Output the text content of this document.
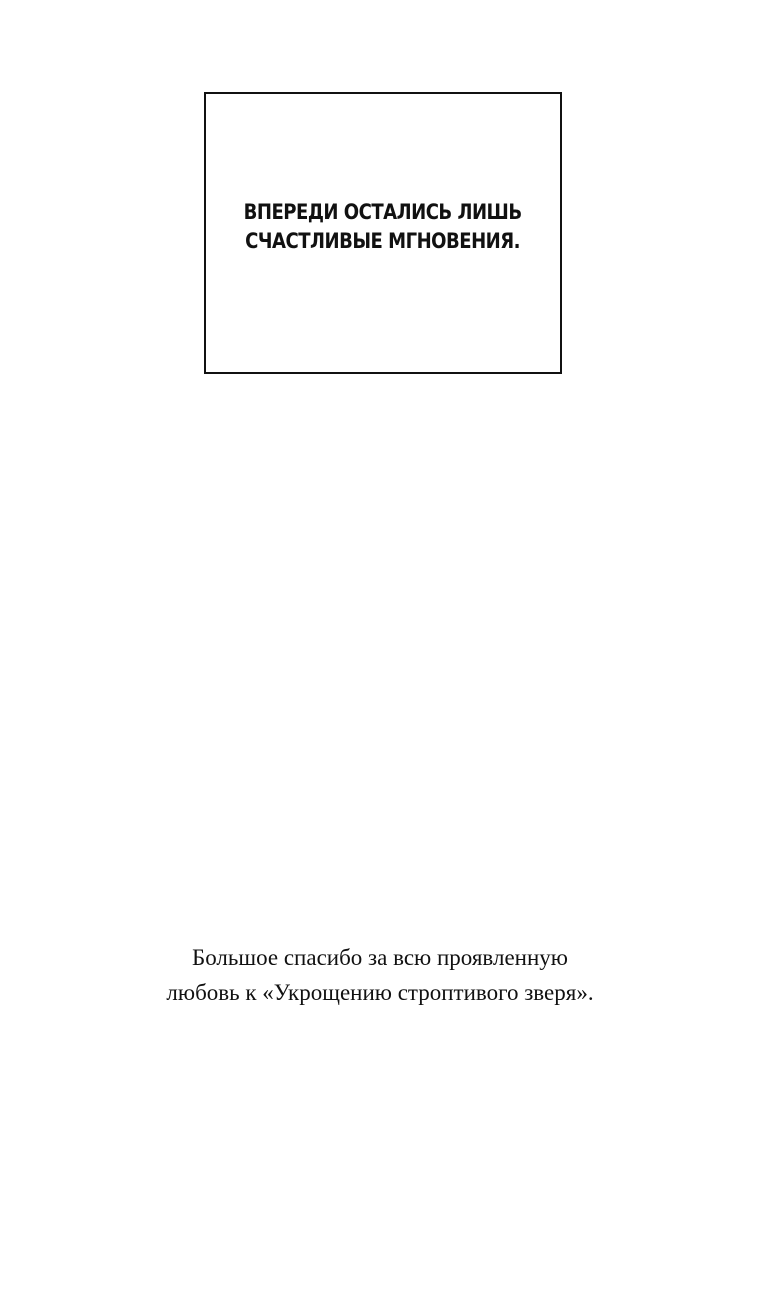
ВПЕРЕДИ ОСТАЛИСЬ ЛИШЬ
СЧАСТЛИВЫЕ МГНОВЕНИЯ.
Большое спасибо за всю проявленную
любовь к «Укрощению строптивого зверя».
